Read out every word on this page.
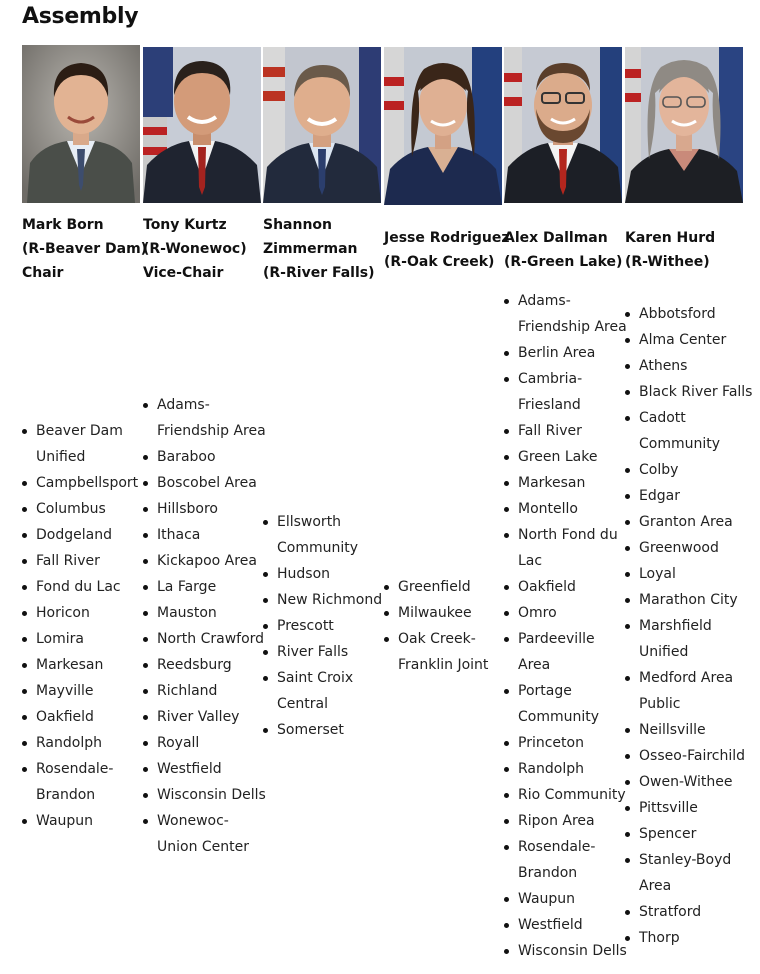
Assembly
Mark Born
(R-Beaver Dam)
Chair
Beaver Dam
Unified
Campbellsport
Columbus
Dodgeland
Fall River
Fond du Lac
Horicon
Lomira
Markesan
Mayville
Oakfield
Randolph
Rosendale-
Brandon
Waupun
Tony Kurtz
(R-Wonewoc)
Vice-Chair
Adams-
Friendship Area
Baraboo
Boscobel Area
Hillsboro
Ithaca
Kickapoo Area
La Farge
Mauston
North Crawford
Reedsburg
Richland
River Valley
Royall
Westfield
Wisconsin Dells
Wonewoc-
Union Center
Shannon
Zimmerman
(R-River Falls)
Ellsworth
Community
Hudson
New Richmond
Prescott
River Falls
Saint Croix
Central
Somerset
Jesse Rodriguez
(R-Oak Creek)
Greenfield
Milwaukee
Oak Creek-
Franklin Joint
Alex Dallman
(R-Green Lake)
Adams-
Friendship Area
Berlin Area
Cambria-
Friesland
Fall River
Green Lake
Markesan
Montello
North Fond du
Lac
Oakfield
Omro
Pardeeville
Area
Portage
Community
Princeton
Randolph
Rio Community
Ripon Area
Rosendale-
Brandon
Waupun
Westfield
Wisconsin Dells
Karen Hurd
(R-Withee)
Abbotsford
Alma Center
Athens
Black River Falls
Cadott
Community
Colby
Edgar
Granton Area
Greenwood
Loyal
Marathon City
Marshfield
Unified
Medford Area
Public
Neillsville
Osseo-Fairchild
Owen-Withee
Pittsville
Spencer
Stanley-Boyd
Area
Stratford
Thorp
